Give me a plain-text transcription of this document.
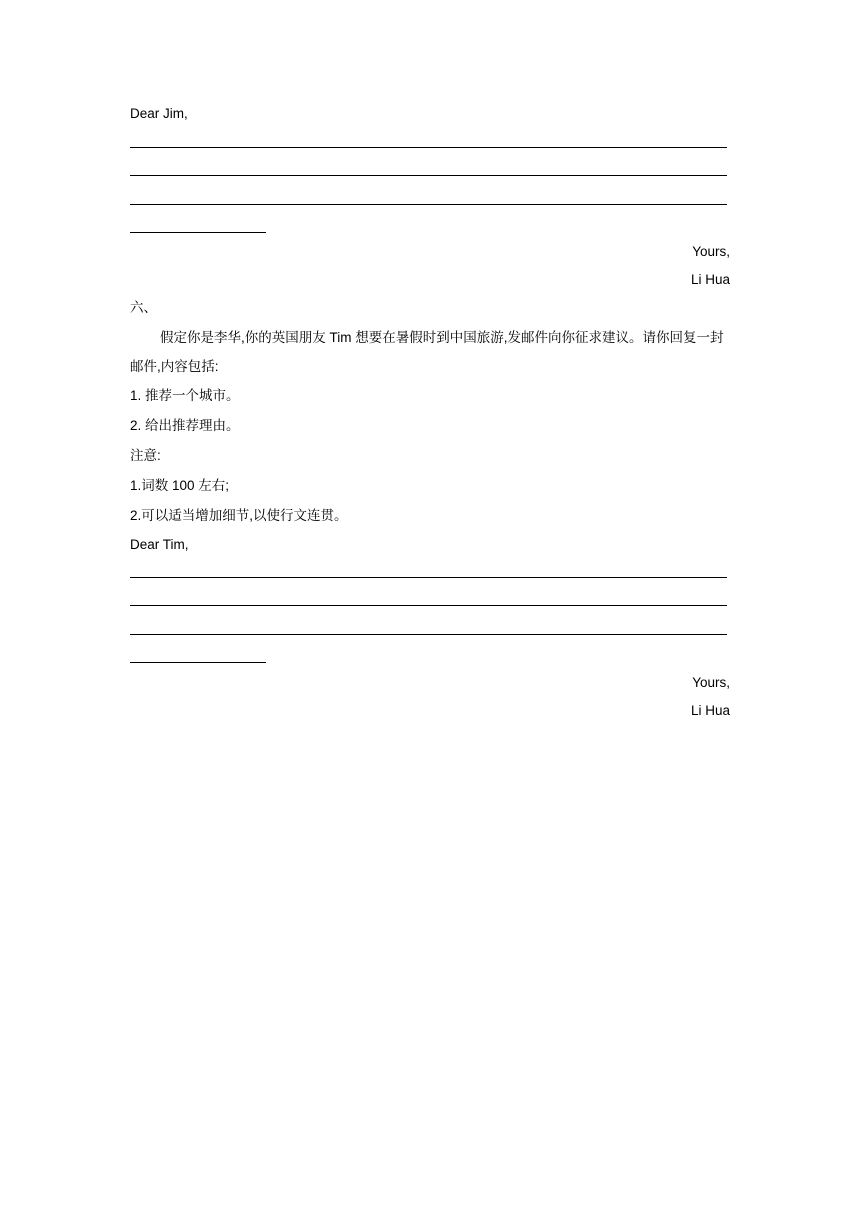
Dear Jim,
Yours,
Li Hua
六、
假定你是李华,你的英国朋友 Tim 想要在暑假时到中国旅游,发邮件向你征求建议。请你回复一封邮件,内容包括:
1. 推荐一个城市。
2. 给出推荐理由。
注意:
1.词数 100 左右;
2.可以适当增加细节,以使行文连贯。
Dear Tim,
Yours,
Li Hua
